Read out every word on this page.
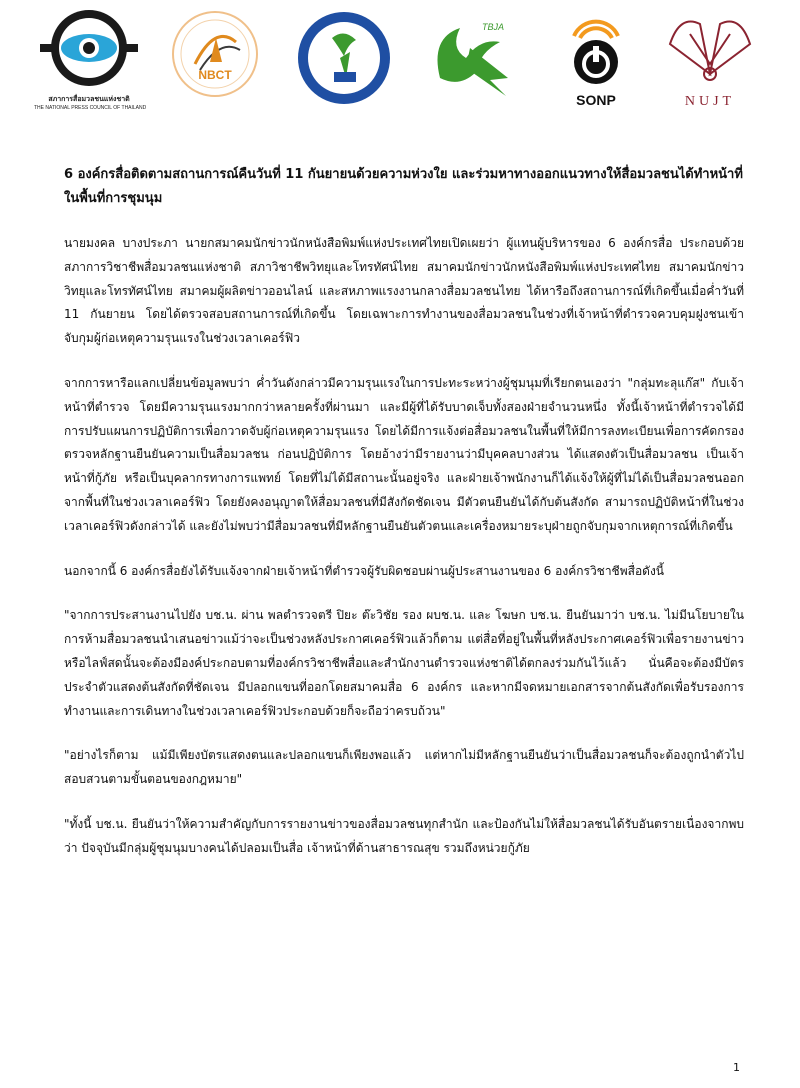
สภาการสื่อมวลชนแห่งชาติ
THE NATIONAL PRESS COUNCIL OF THAILAND
NBCT
TBJA
SONP	NUJT
6 องค์กรสื่อติดตามสถานการณ์คืนวันที่ 11 กันยายนด้วยความห่วงใย และร่วมหาทางออกแนวทางให้สื่อมวลชนได้ทำหน้าที่ในพื้นที่การชุมนุม
นายมงคล บางประภา นายกสมาคมนักข่าวนักหนังสือพิมพ์แห่งประเทศไทยเปิดเผยว่า ผู้แทนผู้บริหารของ 6 องค์กรสื่อ ประกอบด้วย สภาการวิชาชีพสื่อมวลชนแห่งชาติ สภาวิชาชีพวิทยุและโทรทัศน์ไทย สมาคมนักข่าวนักหนังสือพิมพ์แห่งประเทศไทย สมาคมนักข่าววิทยุและโทรทัศน์ไทย สมาคมผู้ผลิตข่าวออนไลน์ และสหภาพแรงงานกลางสื่อมวลชนไทย ได้หารือถึงสถานการณ์ที่เกิดขึ้นเมื่อค่ำวันที่ 11 กันยายน โดยได้ตรวจสอบสถานการณ์ที่เกิดขึ้น โดยเฉพาะการทำงานของสื่อมวลชนในช่วงที่เจ้าหน้าที่ตำรวจควบคุมฝูงชนเข้าจับกุมผู้ก่อเหตุความรุนแรงในช่วงเวลาเคอร์ฟิว
จากการหารือแลกเปลี่ยนข้อมูลพบว่า ค่ำวันดังกล่าวมีความรุนแรงในการปะทะระหว่างผู้ชุมนุมที่เรียกตนเองว่า "กลุ่มทะลุแก๊ส" กับเจ้าหน้าที่ตำรวจ โดยมีความรุนแรงมากกว่าหลายครั้งที่ผ่านมา และมีผู้ที่ได้รับบาดเจ็บทั้งสองฝ่ายจำนวนหนึ่ง ทั้งนี้เจ้าหน้าที่ตำรวจได้มีการปรับแผนการปฏิบัติการเพื่อกวาดจับผู้ก่อเหตุความรุนแรง โดยได้มีการแจ้งต่อสื่อมวลชนในพื้นที่ให้มีการลงทะเบียนเพื่อการคัดกรอง ตรวจหลักฐานยืนยันความเป็นสื่อมวลชน ก่อนปฏิบัติการ โดยอ้างว่ามีรายงานว่ามีบุคคลบางส่วน ได้แสดงตัวเป็นสื่อมวลชน เป็นเจ้าหน้าที่กู้ภัย หรือเป็นบุคลากรทางการแพทย์ โดยที่ไม่ได้มีสถานะนั้นอยู่จริง และฝ่ายเจ้าพนักงานก็ได้แจ้งให้ผู้ที่ไม่ได้เป็นสื่อมวลชนออกจากพื้นที่ในช่วงเวลาเคอร์ฟิว โดยยังคงอนุญาตให้สื่อมวลชนที่มีสังกัดชัดเจน มีตัวตนยืนยันได้กับต้นสังกัด สามารถปฏิบัติหน้าที่ในช่วงเวลาเคอร์ฟิวดังกล่าวได้ และยังไม่พบว่ามีสื่อมวลชนที่มีหลักฐานยืนยันตัวตนและเครื่องหมายระบุฝ่ายถูกจับกุมจากเหตุการณ์ที่เกิดขึ้น
นอกจากนี้ 6 องค์กรสื่อยังได้รับแจ้งจากฝ่ายเจ้าหน้าที่ตำรวจผู้รับผิดชอบผ่านผู้ประสานงานของ 6 องค์กรวิชาชีพสื่อดังนี้
"จากการประสานงานไปยัง บช.น. ผ่าน พลตำรวจตรี ปิยะ ต๊ะวิชัย รอง ผบช.น. และ โฆษก บช.น. ยืนยันมาว่า บช.น. ไม่มีนโยบายในการห้ามสื่อมวลชนนำเสนอข่าวแม้ว่าจะเป็นช่วงหลังประกาศเคอร์ฟิวแล้วก็ตาม แต่สื่อที่อยู่ในพื้นที่หลังประกาศเคอร์ฟิวเพื่อรายงานข่าวหรือไลฟ์สดนั้นจะต้องมีองค์ประกอบตามที่องค์กรวิชาชีพสื่อและสำนักงานตำรวจแห่งชาติได้ตกลงร่วมกันไว้แล้ว นั่นคือจะต้องมีบัตรประจำตัวแสดงต้นสังกัดที่ชัดเจน มีปลอกแขนที่ออกโดยสมาคมสื่อ 6 องค์กร และหากมีจดหมายเอกสารจากต้นสังกัดเพื่อรับรองการทำงานและการเดินทางในช่วงเวลาเคอร์ฟิวประกอบด้วยก็จะถือว่าครบถ้วน"
"อย่างไรก็ตาม แม้มีเพียงบัตรแสดงตนและปลอกแขนก็เพียงพอแล้ว แต่หากไม่มีหลักฐานยืนยันว่าเป็นสื่อมวลชนก็จะต้องถูกนำตัวไปสอบสวนตามขั้นตอนของกฎหมาย"
"ทั้งนี้ บช.น. ยืนยันว่าให้ความสำคัญกับการรายงานข่าวของสื่อมวลชนทุกสำนัก และป้องกันไม่ให้สื่อมวลชนได้รับอันตรายเนื่องจากพบว่า ปัจจุบันมีกลุ่มผู้ชุมนุมบางคนได้ปลอมเป็นสื่อ เจ้าหน้าที่ด้านสาธารณสุข รวมถึงหน่วยกู้ภัย
1
